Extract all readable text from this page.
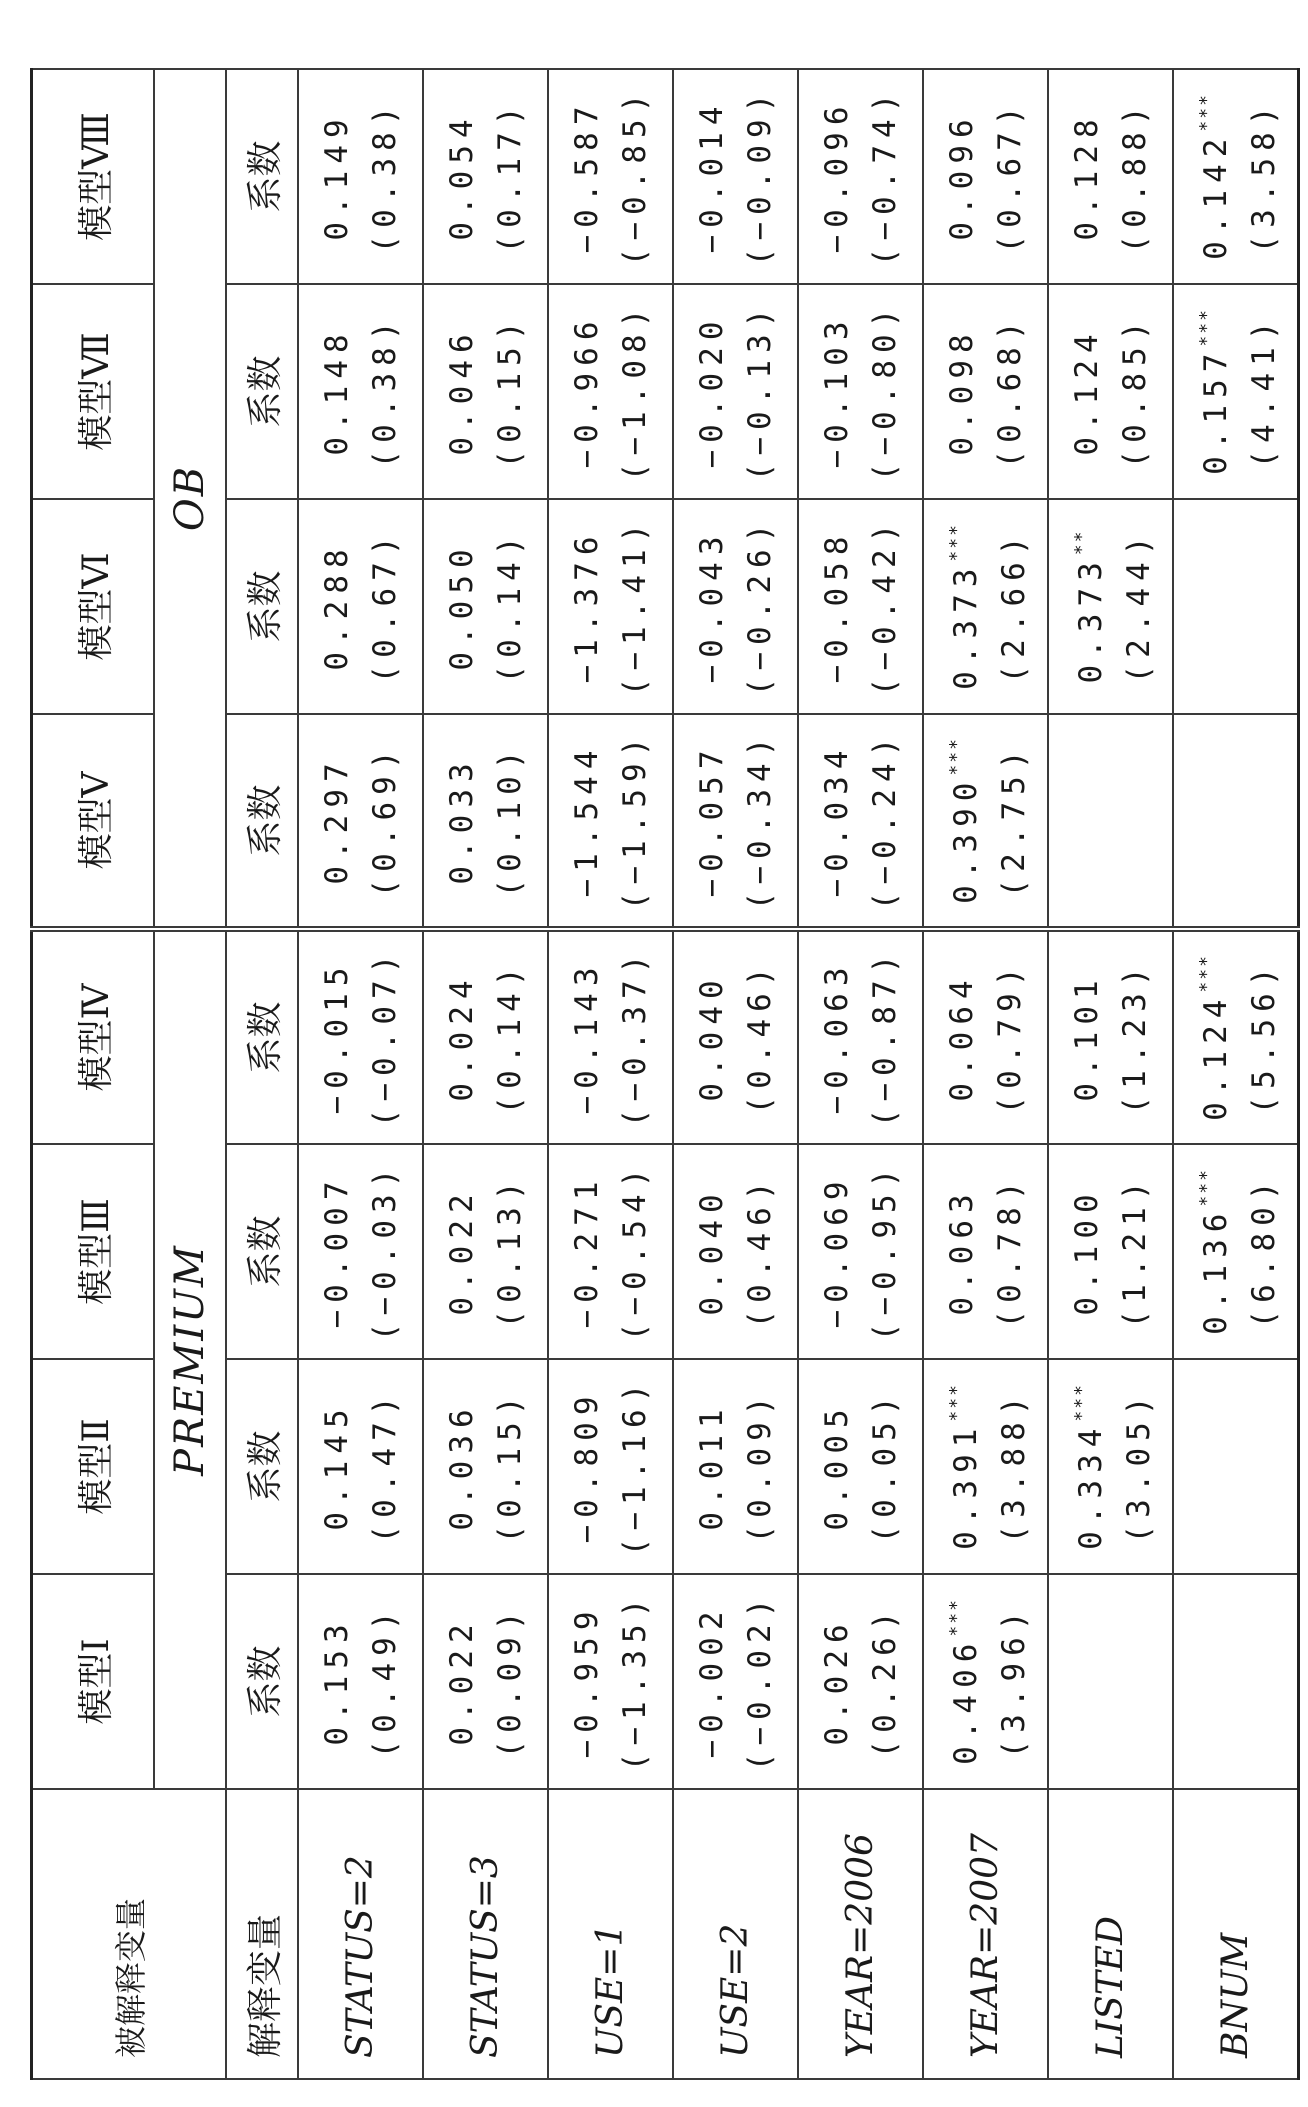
被解释变量	模型Ⅰ	模型Ⅱ	模型Ⅲ	模型Ⅳ	模型Ⅴ	模型Ⅵ	模型Ⅶ	模型Ⅷ
	PREMIUM				OB			
解释变量	系数	系数	系数	系数	系数	系数	系数	系数
STATUS=2	0.153 (0.49)	0.145 (0.47)	−0.007 (−0.03)	−0.015 (−0.07)	0.297 (0.69)	0.288 (0.67)	0.148 (0.38)	0.149 (0.38)

STATUS=3	0.022 (0.09)	0.036 (0.15)	0.022 (0.13)	0.024 (0.14)	0.033 (0.10)	0.050 (0.14)	0.046 (0.15)	0.054 (0.17)

USE=1	−0.959 (−1.35)	−0.809 (−1.16)	−0.271 (−0.54)	−0.143 (−0.37)	−1.544 (−1.59)	−1.376 (−1.41)	−0.966 (−1.08)	−0.587 (−0.85)

USE=2	−0.002 (−0.02)	0.011 (0.09)	0.040 (0.46)	0.040 (0.46)	−0.057 (−0.34)	−0.043 (−0.26)	−0.020 (−0.13)	−0.014 (−0.09)

YEAR=2006	0.026 (0.26)	0.005 (0.05)	−0.069 (−0.95)	−0.063 (−0.87)	−0.034 (−0.24)	−0.058 (−0.42)	−0.103 (−0.80)	−0.096 (−0.74)

YEAR=2007	0.406*** (3.96)	0.391*** (3.88)	0.063 (0.78)	0.064 (0.79)	0.390*** (2.75)	0.373*** (2.66)	0.098 (0.68)	0.096 (0.67)

LISTED		0.334*** (3.05)	0.100 (1.21)	0.101 (1.23)		0.373** (2.44)	0.124 (0.85)	0.128 (0.88)

BNUM			0.136*** (6.80)	0.124*** (5.56)			0.157*** (4.41)	0.142*** (3.58)
